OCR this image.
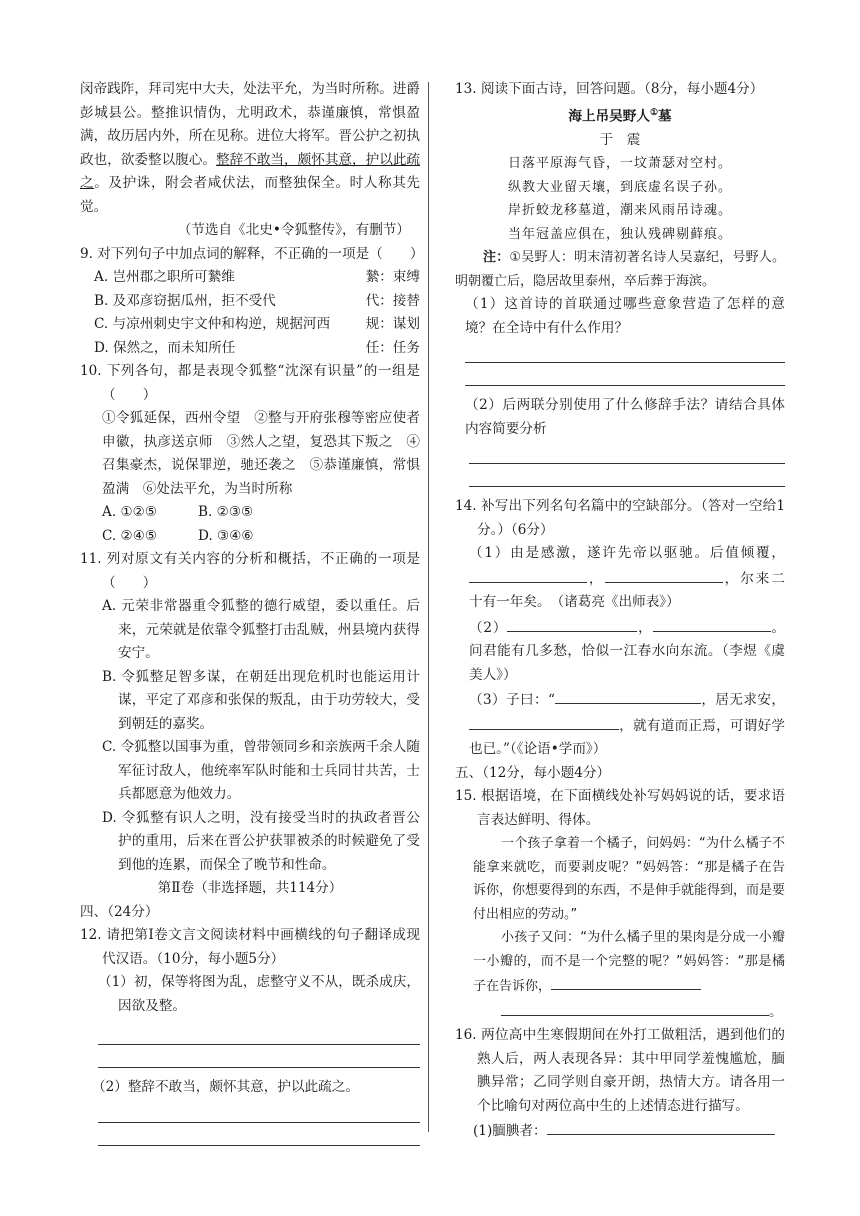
闵帝践阼，拜司宪中大夫，处法平允，为当时所称。进爵彭城县公。整推识情伪，尤明政术，恭谨廉慎，常惧盈满，故历居内外，所在见称。进位大将军。晋公护之初执政也，欲委整以腹心。整辞不敢当，颇怀其意，护以此疏之。及护诛，附会者咸伏法，而整独保全。时人称其先觉。

（节选自《北史•令狐整传》，有删节）

9. 对下列句子中加点词的解释，不正确的一项是（　　）

A. 岂州郡之职所可縶维	縶：束缚
B. 及邓彦窃据瓜州，拒不受代	代：接替
C. 与凉州刺史宇文仲和构逆，规据河西	规：谋划
D. 保然之，而未知所任	任：任务

10. 下列各句，都是表现令狐整“沈深有识量”的一组是（　　）

①令狐延保，西州令望　②整与开府张穆等密应使者申徽，执彦送京师　③然人之望，复恐其下叛之　④召集豪杰，说保罪逆，驰还袭之　⑤恭谨廉慎，常惧盈满　⑥处法平允，为当时所称

A. ①②⑤	B. ②③⑤
C. ②④⑤	D. ③④⑥

11. 列对原文有关内容的分析和概括，不正确的一项是（　　）

A. 元荣非常器重令狐整的德行威望，委以重任。后来，元荣就是依靠令狐整打击乱贼，州县境内获得安宁。

B. 令狐整足智多谋，在朝廷出现危机时也能运用计谋，平定了邓彦和张保的叛乱，由于功劳较大，受到朝廷的嘉奖。

C. 令狐整以国事为重，曾带领同乡和亲族两千余人随军征讨敌人，他统率军队时能和士兵同甘共苦，士兵都愿意为他效力。

D. 令狐整有识人之明，没有接受当时的执政者晋公护的重用，后来在晋公护获罪被杀的时候避免了受到他的连累，而保全了晚节和性命。

第Ⅱ卷（非选择题，共114分）

四、（24分）

12. 请把第Ⅰ卷文言文阅读材料中画横线的句子翻译成现代汉语。（10分，每小题5分）

（1）初，保等将图为乱，虑整守义不从，既杀成庆，因欲及整。

（2）整辞不敢当，颇怀其意，护以此疏之。

13. 阅读下面古诗，回答问题。（8分，每小题4分）

海上吊吴野人①墓

于　震

日落平原海气昏，一坟萧瑟对空村。

纵教大业留天壤，到底虚名误子孙。

岸折蛟龙移墓道，潮来风雨吊诗魂。

当年冠盖应俱在，独认残碑剔藓痕。

注：①吴野人：明末清初著名诗人吴嘉纪，号野人。明朝覆亡后，隐居故里泰州，卒后葬于海滨。

（1）这首诗的首联通过哪些意象营造了怎样的意境？在全诗中有什么作用？

（2）后两联分别使用了什么修辞手法？请结合具体内容简要分析

14. 补写出下列名句名篇中的空缺部分。（答对一空给1分。）（6分）

（1）由是感激，遂许先帝以驱驰。后值倾覆，，	，尔来二十有一年矣。　 （诸葛亮《出师表》）

（2）	，	。问君能有几多愁，恰似一江春水向东流。（李煜《虞美人》）

（3）子曰：“	，居无求安，，就有道而正焉，可谓好学也已。”（《论语•学而》）

五、（12分，每小题4分）

15. 根据语境，在下面横线处补写妈妈说的话，要求语言表达鲜明、得体。

一个孩子拿着一个橘子，问妈妈：“为什么橘子不能拿来就吃，而要剥皮呢？”妈妈答：“那是橘子在告诉你，你想要得到的东西，不是伸手就能得到，而是要付出相应的劳动。”

小孩子又问：“为什么橘子里的果肉是分成一小瓣一小瓣的，而不是一个完整的呢？”妈妈答：“那是橘子在告诉你，

。

16. 两位高中生寒假期间在外打工做粗活，遇到他们的熟人后，两人表现各异：其中甲同学羞愧尴尬，腼腆异常；乙同学则自豪开朗，热情大方。请各用一个比喻句对两位高中生的上述情态进行描写。

(1)腼腆者：
